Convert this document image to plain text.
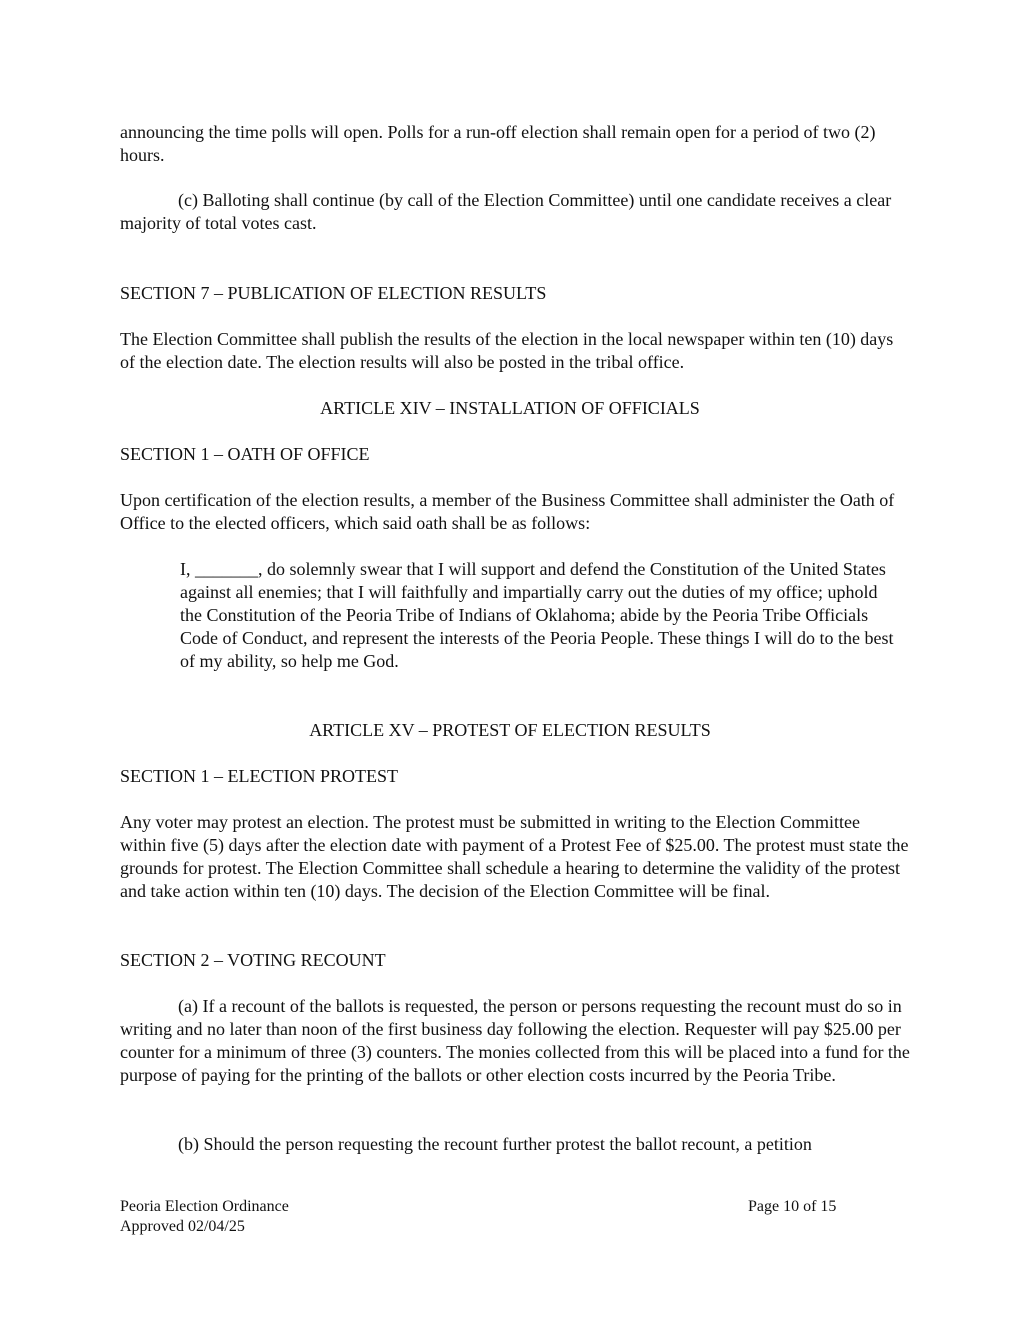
announcing the time polls will open. Polls for a run-off election shall remain open for a period of two (2) hours.

(c) Balloting shall continue (by call of the Election Committee) until one candidate receives a clear majority of total votes cast.

SECTION 7 – PUBLICATION OF ELECTION RESULTS

The Election Committee shall publish the results of the election in the local newspaper within ten (10) days of the election date. The election results will also be posted in the tribal office.

ARTICLE XIV – INSTALLATION OF OFFICIALS

SECTION 1 – OATH OF OFFICE

Upon certification of the election results, a member of the Business Committee shall administer the Oath of Office to the elected officers, which said oath shall be as follows:

I, _______, do solemnly swear that I will support and defend the Constitution of the United States against all enemies; that I will faithfully and impartially carry out the duties of my office; uphold the Constitution of the Peoria Tribe of Indians of Oklahoma; abide by the Peoria Tribe Officials Code of Conduct, and represent the interests of the Peoria People. These things I will do to the best of my ability, so help me God.

ARTICLE XV – PROTEST OF ELECTION RESULTS

SECTION 1 – ELECTION PROTEST

Any voter may protest an election. The protest must be submitted in writing to the Election Committee within five (5) days after the election date with payment of a Protest Fee of $25.00. The protest must state the grounds for protest. The Election Committee shall schedule a hearing to determine the validity of the protest and take action within ten (10) days. The decision of the Election Committee will be final.

SECTION 2 – VOTING RECOUNT

(a) If a recount of the ballots is requested, the person or persons requesting the recount must do so in writing and no later than noon of the first business day following the election. Requester will pay $25.00 per counter for a minimum of three (3) counters. The monies collected from this will be placed into a fund for the purpose of paying for the printing of the ballots or other election costs incurred by the Peoria Tribe.

(b) Should the person requesting the recount further protest the ballot recount, a petition

Peoria Election Ordinance

Approved 02/04/25

Page 10 of 15
